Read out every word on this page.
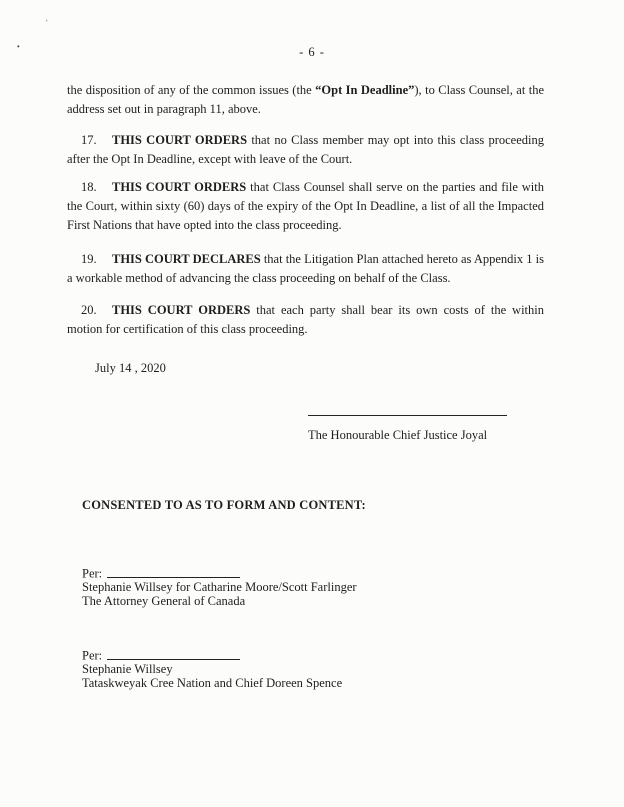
’
•	- 6 -

the disposition of any of the common issues (the “Opt In Deadline”), to Class Counsel, at the address set out in paragraph 11, above.

17. THIS COURT ORDERS that no Class member may opt into this class proceeding after the Opt In Deadline, except with leave of the Court.

18. THIS COURT ORDERS that Class Counsel shall serve on the parties and file with the Court, within sixty (60) days of the expiry of the Opt In Deadline, a list of all the Impacted First Nations that have opted into the class proceeding.

19. THIS COURT DECLARES that the Litigation Plan attached hereto as Appendix 1 is a workable method of advancing the class proceeding on behalf of the Class.

20. THIS COURT ORDERS that each party shall bear its own costs of the within motion for certification of this class proceeding.

July 14 , 2020
The Honourable Chief Justice Joyal
CONSENTED TO AS TO FORM AND CONTENT:
Per:
Stephanie Willsey for Catharine Moore/Scott Farlinger
The Attorney General of Canada
Per:
Stephanie Willsey
Tataskweyak Cree Nation and Chief Doreen Spence
